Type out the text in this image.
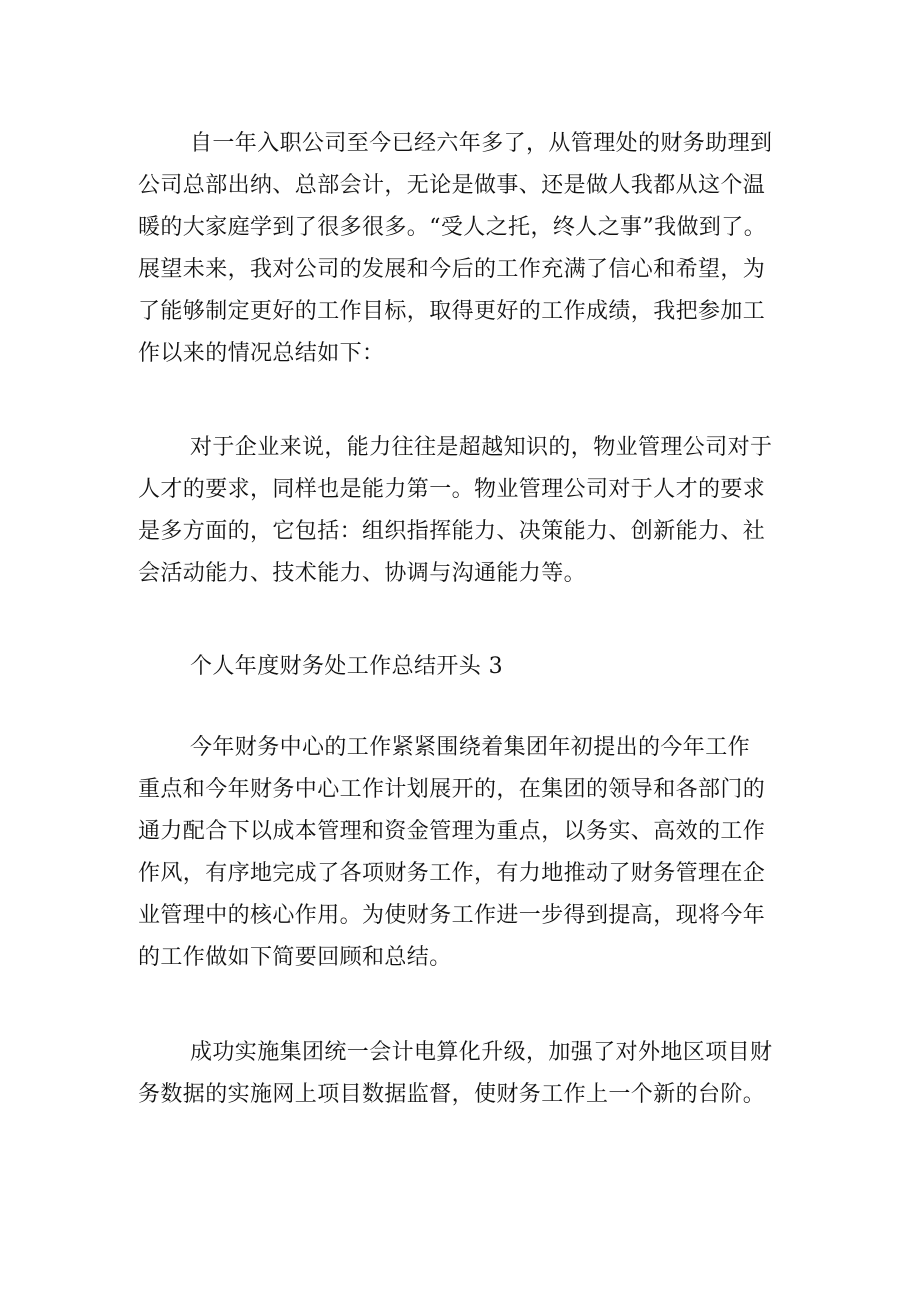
自一年入职公司至今已经六年多了，从管理处的财务助理到
公司总部出纳、总部会计，无论是做事、还是做人我都从这个温
暖的大家庭学到了很多很多。“受人之托，终人之事”我做到了。
展望未来，我对公司的发展和今后的工作充满了信心和希望，为
了能够制定更好的工作目标，取得更好的工作成绩，我把参加工
作以来的情况总结如下：
对于企业来说，能力往往是超越知识的，物业管理公司对于
人才的要求，同样也是能力第一。物业管理公司对于人才的要求
是多方面的，它包括：组织指挥能力、决策能力、创新能力、社
会活动能力、技术能力、协调与沟通能力等。
个人年度财务处工作总结开头 3
今年财务中心的工作紧紧围绕着集团年初提出的今年工作
重点和今年财务中心工作计划展开的，在集团的领导和各部门的
通力配合下以成本管理和资金管理为重点，以务实、高效的工作
作风，有序地完成了各项财务工作，有力地推动了财务管理在企
业管理中的核心作用。为使财务工作进一步得到提高，现将今年
的工作做如下简要回顾和总结。
成功实施集团统一会计电算化升级，加强了对外地区项目财
务数据的实施网上项目数据监督，使财务工作上一个新的台阶。
